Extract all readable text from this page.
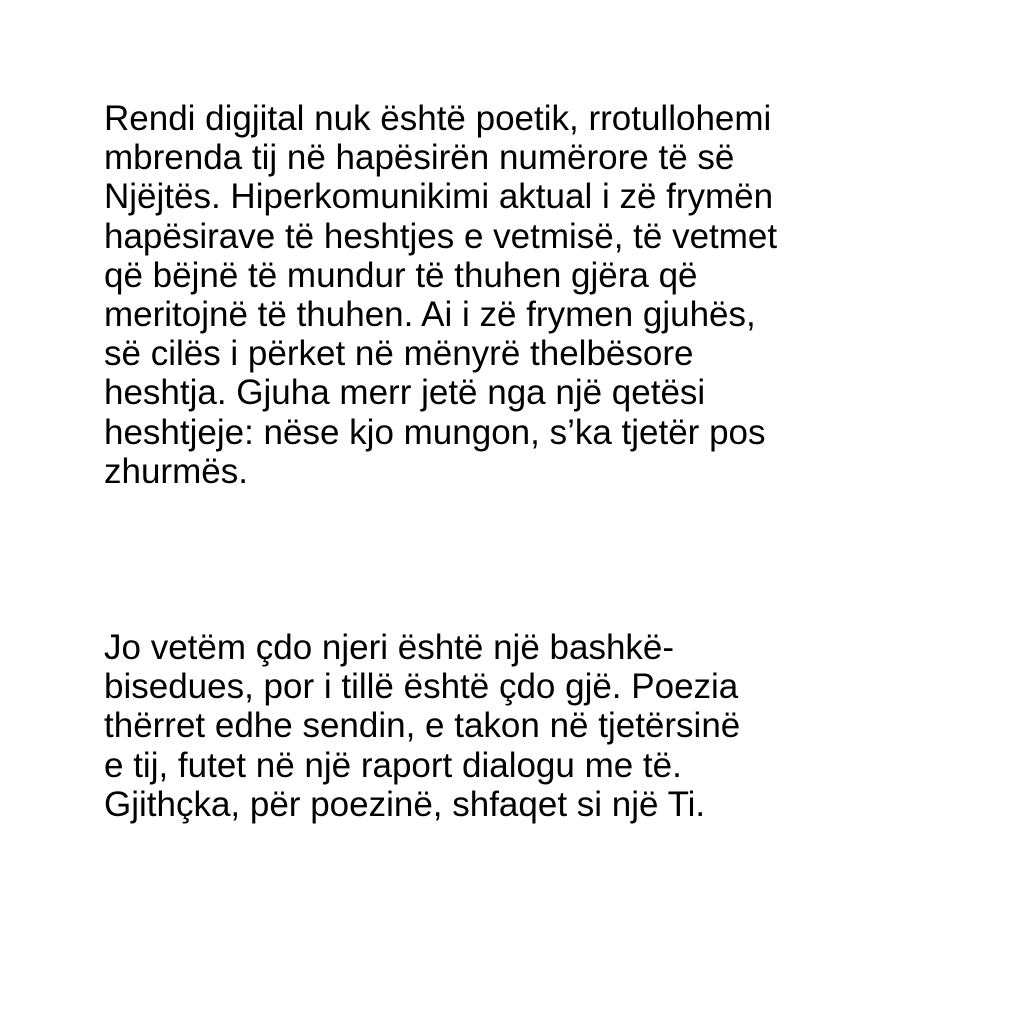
Rendi digjital nuk është poetik, rrotullohemi
mbrenda tij në hapësirën numërore të së
Njëjtës. Hiperkomunikimi aktual i zë frymën
hapësirave të heshtjes e vetmisë, të vetmet
që bëjnë të mundur të thuhen gjëra që
meritojnë të thuhen. Ai i zë frymen gjuhës,
së cilës i përket në mënyrë thelbësore
heshtja. Gjuha merr jetë nga një qetësi
heshtjeje: nëse kjo mungon, s’ka tjetër pos
zhurmës.
Jo vetëm çdo njeri është një bashkë-
bisedues, por i tillë është çdo gjë. Poezia
thërret edhe sendin, e takon në tjetërsinë
e tij, futet në një raport dialogu me të.
Gjithçka, për poezinë, shfaqet si një Ti.
